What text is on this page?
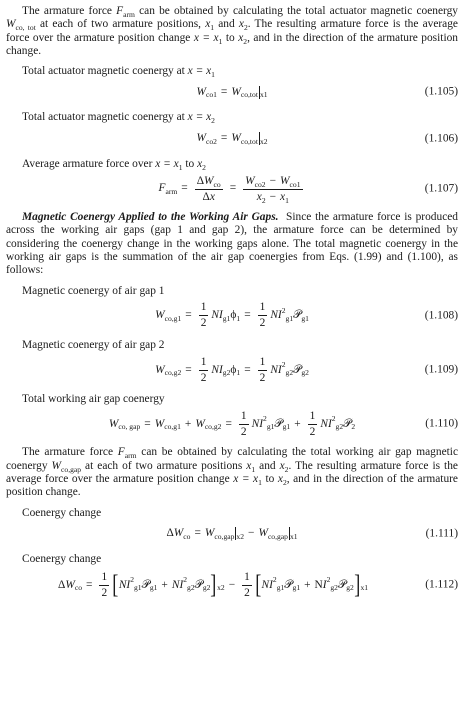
The armature force $F_{arm}$ can be obtained by calculating the total actuator magnetic coenergy $W_{co, tot}$ at each of two armature positions, $x_1$ and $x_2$. The resulting armature force is the average force over the armature position change $x = x_1$ to $x_2$, and in the direction of the armature position change.

Total actuator magnetic coenergy at $x = x_1$

$W_{co1} = W_{co,tot}$ $_{x1}$	(1.105)

Total actuator magnetic coenergy at $x = x_2$

$W_{co2} = W_{co,tot}$ $_{x2}$	(1.106)

Average armature force over $x = x_1$ to $x_2$

$F_{arm} = \frac{\Delta W_{co}}{\Delta x} = \frac{W_{co2} - W_{co1}}{x_2 - x_1}$	(1.107)

Magnetic Coenergy Applied to the Working Air Gaps. Since the armature force is produced across the working air gaps (gap 1 and gap 2), the armature force can be determined by considering the coenergy change in the working gaps alone. The total magnetic coenergy in the working air gaps is the summation of the air gap coenergies from Eqs. (1.99) and (1.100), as follows:

Magnetic coenergy of air gap 1

$W_{co,g1} = \frac{1}{2}$ N $I_{g1}$ $\phi_1 = \frac{1}{2} NI^2$
$_{g1}$ 𝒫$_{g1}$	(1.108)

Magnetic coenergy of air gap 2

$W_{co,g2} = \frac{1}{2}$ N $I_{g2}$ $\phi_1 = \frac{1}{2} NI^2$
$_{g2}$ 𝒫$_{g2}$	(1.109)

Total working air gap coenergy

$W_{co, gap} = W_{co,g1} + W_{co,g2} = \frac{1}{2} NI^2$
$_{g1}$ 𝒫$_{g1}$ + $\frac{1}{2} NI^2$
$_{g2}$ 𝒫$_2$	(1.110)

The armature force $F_{arm}$ can be obtained by calculating the total working air gap magnetic coenergy $W_{co,gap}$ at each of two armature positions $x_1$ and $x_2$. The resulting armature force is the average force over the armature position change $x = x_1$ to $x_2$, and in the direction of the armature position change.

Coenergy change

Δ $W_{co} = W_{co,gap}$ $_{x2} - W_{co,gap}$ $_{x1}$	(1.111)

Coenergy change

Δ $W_{co} = \frac{1}{2}$ [ $NI^2$
$_{g1}$ 𝒫$_{g1}$ + $NI^2$
$_{g2}$ 𝒫$_{g2}$ ]$_{x2} - \frac{1}{2}$ [ $NI^2$
$_{g1}$ 𝒫$_{g1}$ + N $I^2$
$_{g2}$ 𝒫$_{g2}$ ]$_{x1}$	(1.112)
